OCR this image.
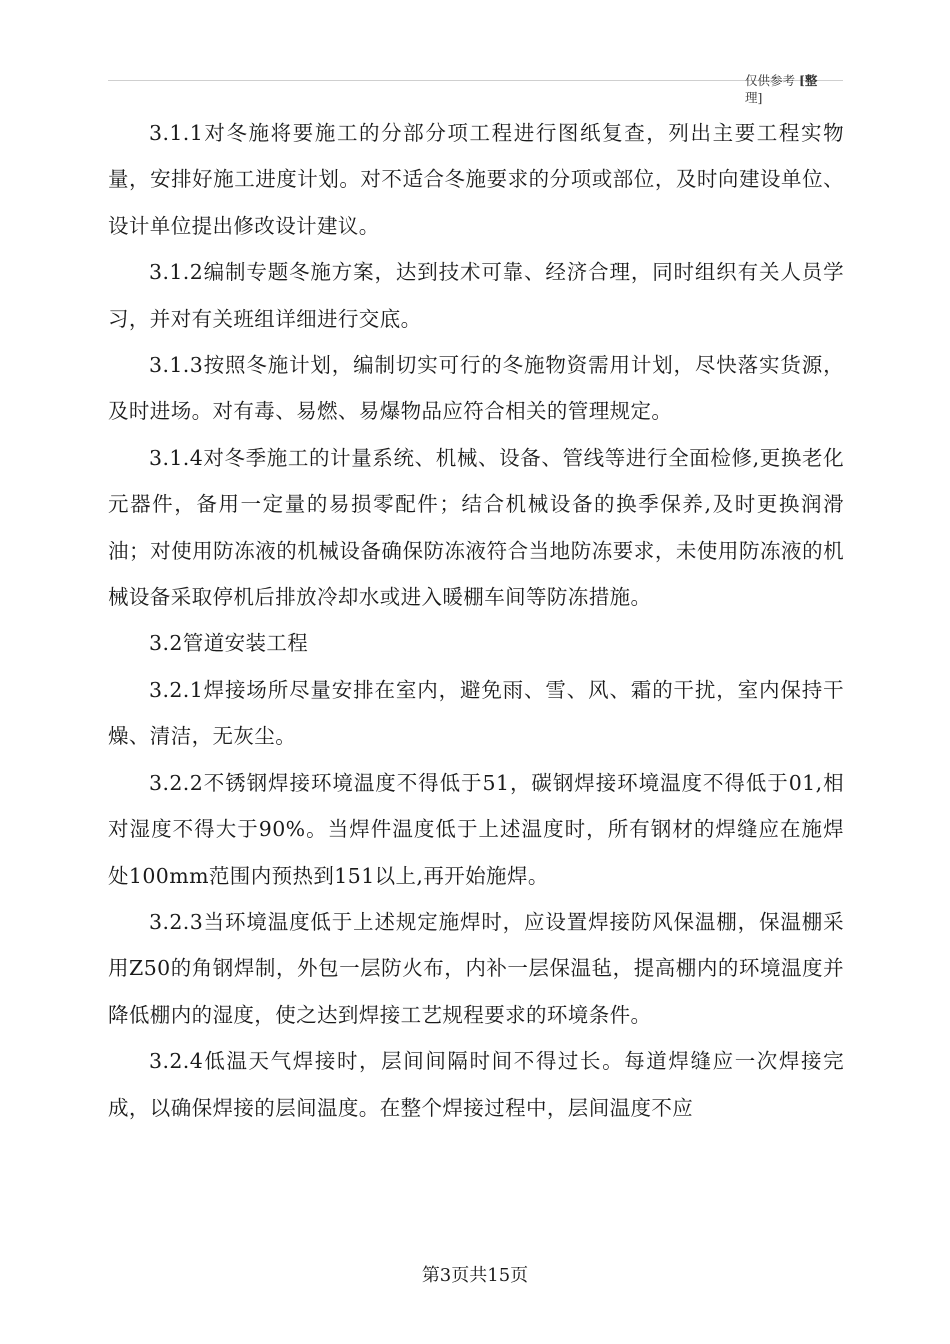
仅供参考 [整
理]

3.1.1对冬施将要施工的分部分项工程进行图纸复查，列出主要工程实物量，安排好施工进度计划。对不适合冬施要求的分项或部位，及时向建设单位、设计单位提出修改设计建议。

3.1.2编制专题冬施方案，达到技术可靠、经济合理，同时组织有关人员学习，并对有关班组详细进行交底。

3.1.3按照冬施计划，编制切实可行的冬施物资需用计划，尽快落实货源，及时进场。对有毒、易燃、易爆物品应符合相关的管理规定。

3.1.4对冬季施工的计量系统、机械、设备、管线等进行全面检修,更换老化元器件，备用一定量的易损零配件；结合机械设备的换季保养,及时更换润滑油；对使用防冻液的机械设备确保防冻液符合当地防冻要求，未使用防冻液的机械设备采取停机后排放冷却水或进入暖棚车间等防冻措施。

3.2管道安装工程

3.2.1焊接场所尽量安排在室内，避免雨、雪、风、霜的干扰，室内保持干燥、清洁，无灰尘。

3.2.2不锈钢焊接环境温度不得低于51，碳钢焊接环境温度不得低于01,相对湿度不得大于90%。当焊件温度低于上述温度时，所有钢材的焊缝应在施焊处100mm范围内预热到151以上,再开始施焊。

3.2.3当环境温度低于上述规定施焊时，应设置焊接防风保温棚，保温棚采用Z50的角钢焊制，外包一层防火布，内补一层保温毡，提高棚内的环境温度并降低棚内的湿度，使之达到焊接工艺规程要求的环境条件。

3.2.4低温天气焊接时，层间间隔时间不得过长。每道焊缝应一次焊接完成，以确保焊接的层间温度。在整个焊接过程中，层间温度不应

第3页共15页
